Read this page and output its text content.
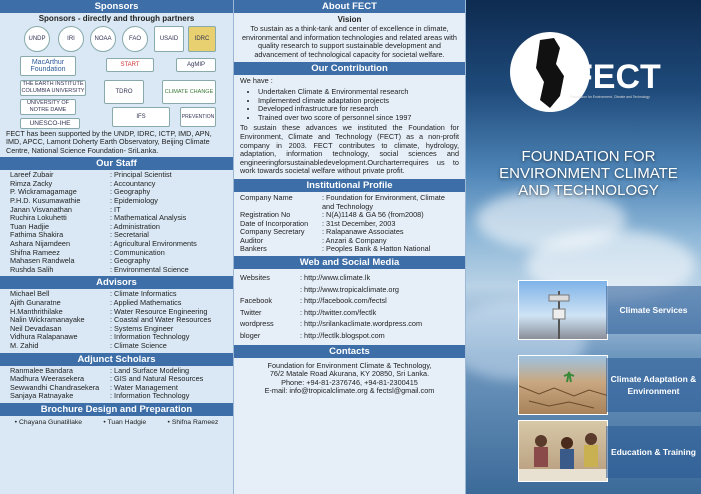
Sponsors
Sponsors - directly and through partners
UNDP	IRI	NOAA	FAO	USAID	IDRC
MacArthur Foundation
START	AgMIP
THE EARTH INSTITUTE COLUMBIA UNIVERSITY	TDRO	CLIMATE CHANGE
UNIVERSITY OF NOTRE DAME
UNESCO-IHE
IFS	PREVENTION
FECT has been supported by the UNDP, IDRC, ICTP, IMD, APN, IMD, APCC, Lamont Doherty Earth Observatory, Beijing Climate Centre, National Science Foundation- SriLanka.
Our Staff
Lareef Zubair	: Principal Scientist
Rimza Zacky	: Accountancy
P. Wickramagamage	: Geography
P.H.D. Kusumawathie	: Epidemiology
Janan Visvanathan	: IT
Ruchira Lokuhetti	: Mathematical Analysis
Tuan Hadjie	: Administration
Fathima Shakira	: Secretarial
Ashara Nijamdeen	: Agricultural Environments
Shifna Rameez	: Communication
Mahasen Randwela	: Geography
Rushda Salih	: Environmental Science
Advisors
Michael Bell	: Climate Informatics
Ajith Gunaratne	: Applied Mathematics
H.Manthrithilake	: Water Resource Engineering
Nalin Wickramanayake	: Coastal and Water Resources
Neil Devadasan	: Systems Engineer
Vidhura Ralapanawe	: Information Technology
M. Zahid	: Climate Science
Adjunct Scholars
Ranmalee Bandara	: Land Surface Modeling
Madhura Weerasekera	: GIS and Natural Resources
Sewwandhi Chandrasekera	: Water Management
Sanjaya Ratnayake	: Information Technology
Brochure Design and Preparation
• Chayana Gunatillake	• Tuan Hadgie	• Shifna Rameez
About FECT
Vision
To sustain as a think-tank and center of excellence in climate, environmental and information technologies and related areas with quality research to support sustainable development and advancement of technological capacity for societal welfare.
Our Contribution
We have :
• Undertaken Climate & Environmental research
• Implemented climate adaptation projects
• Developed infrastructure for research
• Trained over two score of personnel since 1997
To sustain these advances we instituted the Foundation for Environment, Climate and Technology (FECT) as a non-profit company in 2003. FECT contributes to climate, hydrology, adaptation, information technology, social sciences and engineeringforsustainabledevelopment.Ourcharterrequires us to work towards societal welfare without private profit.
Institutional Profile
Company Name	: Foundation for Environment, Climate and Technology
Registration No	: N(A)1148 & GA 56 (from2008)
Date of Incorporation	: 31st December, 2003
Company Secretary	: Ralapanawe Associates
Auditor	: Anzari & Company
Bankers	: Peoples Bank & Hatton National
Web and Social Media
Websites	: http://www.climate.lk
: http://www.tropicalclimate.org
Facebook	: http://facebook.com/fectsl
Twitter	: http://twitter.com/fectlk
wordpress	: http://srilankaclimate.wordpress.com
bloger	: http://fectlk.blogspot.com
Contacts
Foundation for Environment Climate & Technology,
76/2 Matale Road Akurana, KY 20850, Sri Lanka.
Phone: +94-81-2376746, +94-81-2300415
E-mail: info@tropicalclimate.org & fectsl@gmail.com
FECT
Foundation for Environment, Climate and Technology
FOUNDATION FOR ENVIRONMENT CLIMATE AND TECHNOLOGY
Climate Services
Climate Adaptation & Environment
Education & Training
